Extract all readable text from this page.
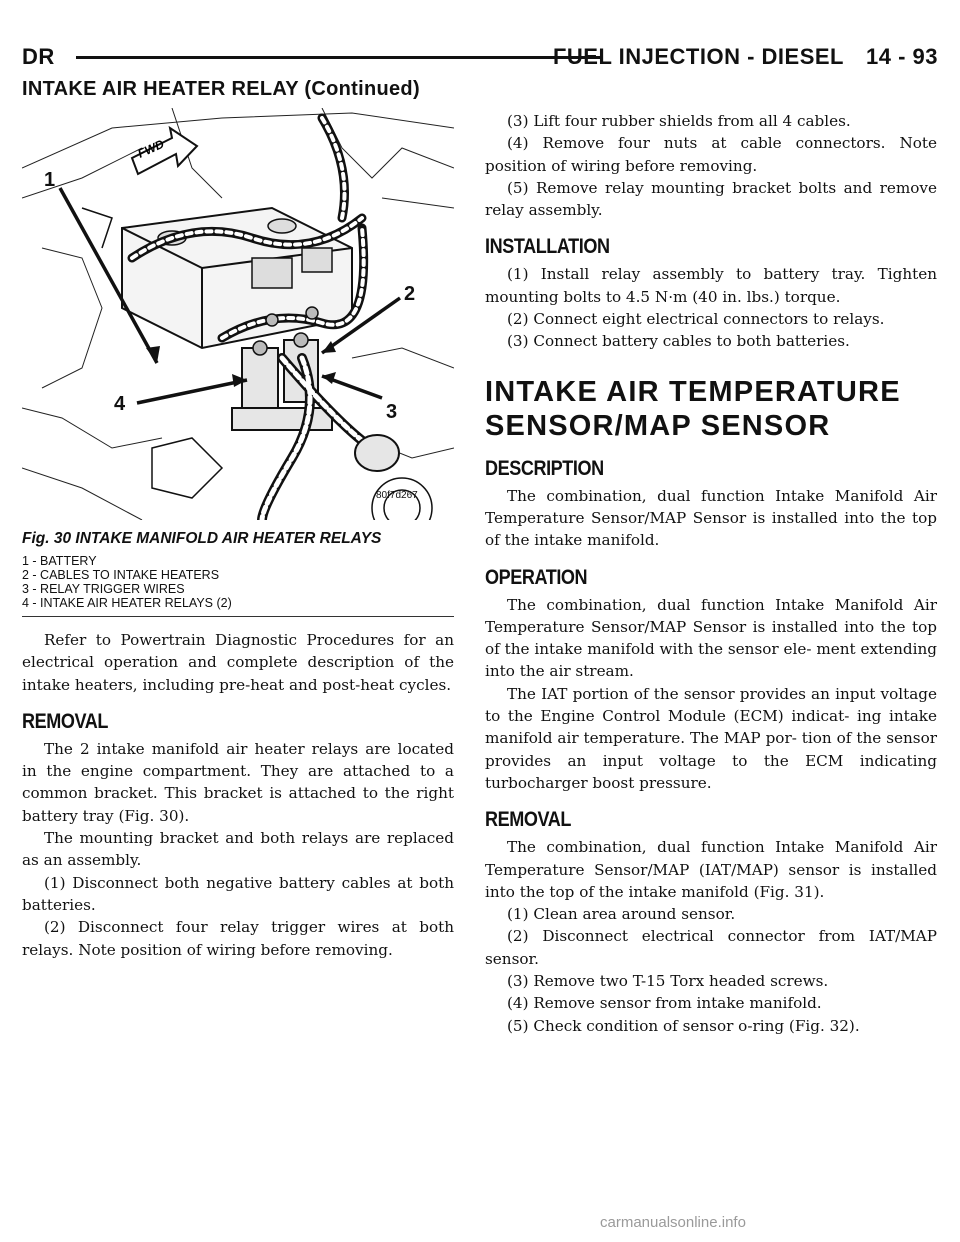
DR	FUEL INJECTION - DIESEL 14 - 93
INTAKE AIR HEATER RELAY (Continued)
FWD
1
2
3
4
80f7d267
Fig. 30 INTAKE MANIFOLD AIR HEATER RELAYS
1 - BATTERY
2 - CABLES TO INTAKE HEATERS
3 - RELAY TRIGGER WIRES
4 - INTAKE AIR HEATER RELAYS (2)

Refer to Powertrain Diagnostic Procedures for an electrical operation and complete description of the intake heaters, including pre-heat and post-heat cycles.

REMOVAL

The 2 intake manifold air heater relays are located in the engine compartment. They are attached to a common bracket. This bracket is attached to the right battery tray (Fig. 30).

The mounting bracket and both relays are replaced as an assembly.

(1) Disconnect both negative battery cables at both batteries.

(2) Disconnect four relay trigger wires at both relays. Note position of wiring before removing.

(3) Lift four rubber shields from all 4 cables.

(4) Remove four nuts at cable connectors. Note position of wiring before removing.

(5) Remove relay mounting bracket bolts and remove relay assembly.

INSTALLATION

(1) Install relay assembly to battery tray. Tighten mounting bolts to 4.5 N·m (40 in. lbs.) torque.

(2) Connect eight electrical connectors to relays.

(3) Connect battery cables to both batteries.

INTAKE AIR TEMPERATURE SENSOR/MAP SENSOR
DESCRIPTION

The combination, dual function Intake Manifold Air Temperature Sensor/MAP Sensor is installed into the top of the intake manifold.

OPERATION

The combination, dual function Intake Manifold Air Temperature Sensor/MAP Sensor is installed into the top of the intake manifold with the sensor ele- ment extending into the air stream.

The IAT portion of the sensor provides an input voltage to the Engine Control Module (ECM) indicat- ing intake manifold air temperature. The MAP por- tion of the sensor provides an input voltage to the ECM indicating turbocharger boost pressure.

REMOVAL

The combination, dual function Intake Manifold Air Temperature Sensor/MAP (IAT/MAP) sensor is installed into the top of the intake manifold (Fig. 31).

(1) Clean area around sensor.

(2) Disconnect electrical connector from IAT/MAP sensor.

(3) Remove two T-15 Torx headed screws.

(4) Remove sensor from intake manifold.

(5) Check condition of sensor o-ring (Fig. 32).

carmanualsonline.info
